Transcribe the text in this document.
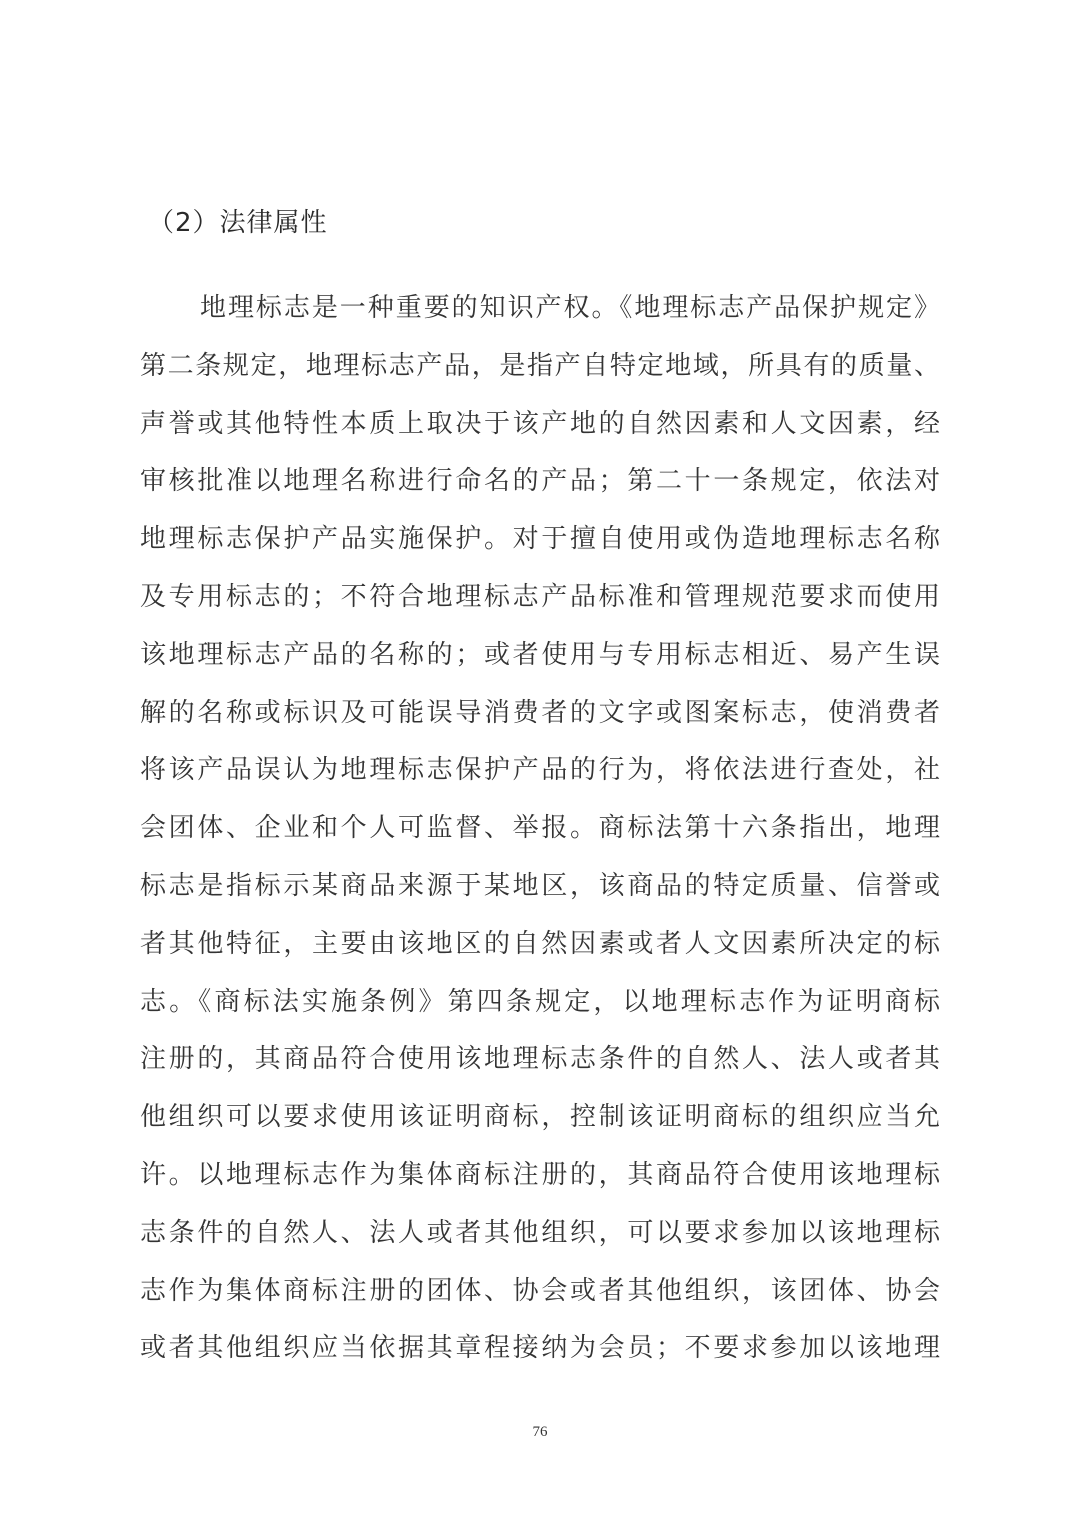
（2）法律属性
地理标志是一种重要的知识产权。《地理标志产品保护规定》
第二条规定，地理标志产品，是指产自特定地域，所具有的质量、
声誉或其他特性本质上取决于该产地的自然因素和人文因素，经
审核批准以地理名称进行命名的产品；第二十一条规定，依法对
地理标志保护产品实施保护。对于擅自使用或伪造地理标志名称
及专用标志的；不符合地理标志产品标准和管理规范要求而使用
该地理标志产品的名称的；或者使用与专用标志相近、易产生误
解的名称或标识及可能误导消费者的文字或图案标志，使消费者
将该产品误认为地理标志保护产品的行为，将依法进行查处，社
会团体、企业和个人可监督、举报。商标法第十六条指出，地理
标志是指标示某商品来源于某地区，该商品的特定质量、信誉或
者其他特征，主要由该地区的自然因素或者人文因素所决定的标
志。《商标法实施条例》第四条规定，以地理标志作为证明商标
注册的，其商品符合使用该地理标志条件的自然人、法人或者其
他组织可以要求使用该证明商标，控制该证明商标的组织应当允
许。以地理标志作为集体商标注册的，其商品符合使用该地理标
志条件的自然人、法人或者其他组织，可以要求参加以该地理标
志作为集体商标注册的团体、协会或者其他组织，该团体、协会
或者其他组织应当依据其章程接纳为会员；不要求参加以该地理
76
